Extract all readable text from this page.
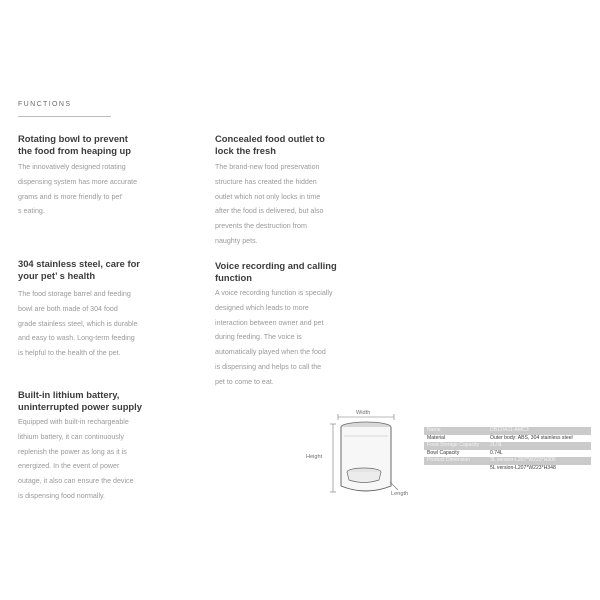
FUNCTIONS
Rotating bowl to prevent
the food from heaping up
The innovatively designed rotating
dispensing system has more accurate
grams and is more friendly to pet'
s eating.
Concealed food outlet to
lock the fresh
The brand-new food preservation
structure has created the hidden
outlet which not only locks in time
after the food is delivered, but also
prevents the destruction from
naughty pets.
304 stainless steel, care for
your pet’ s health
The food storage barrel and feeding
bowl are both made of 304 food
grade stainless steel, which is durable
and easy to wash. Long-term feeding
is helpful to the health of the pet.
Voice recording and calling function
A voice recording function is specially
designed which leads to more
interaction between owner and pet
during feeding. The voice is
automatically played when the food
is dispensing and helps to call the
pet to come to eat.
Built-in lithium battery,
uninterrupted power supply
Equipped with built-in rechargeable
lithium battery, it can continuously
replenish the power as long as it is
energized. In the event of power
outage, it also can ensure the device
is dispensing food normally.
Width
Height
Length
Name	DB12/A11-AMC3
Material	Outer body: ABS, 304 stainless steel
Food Storage Capacity	2L/3L
Bowl Capacity	0.74L
Product Dimension	3L version-L207*W223*H306
	5L version-L207*W223*H348
